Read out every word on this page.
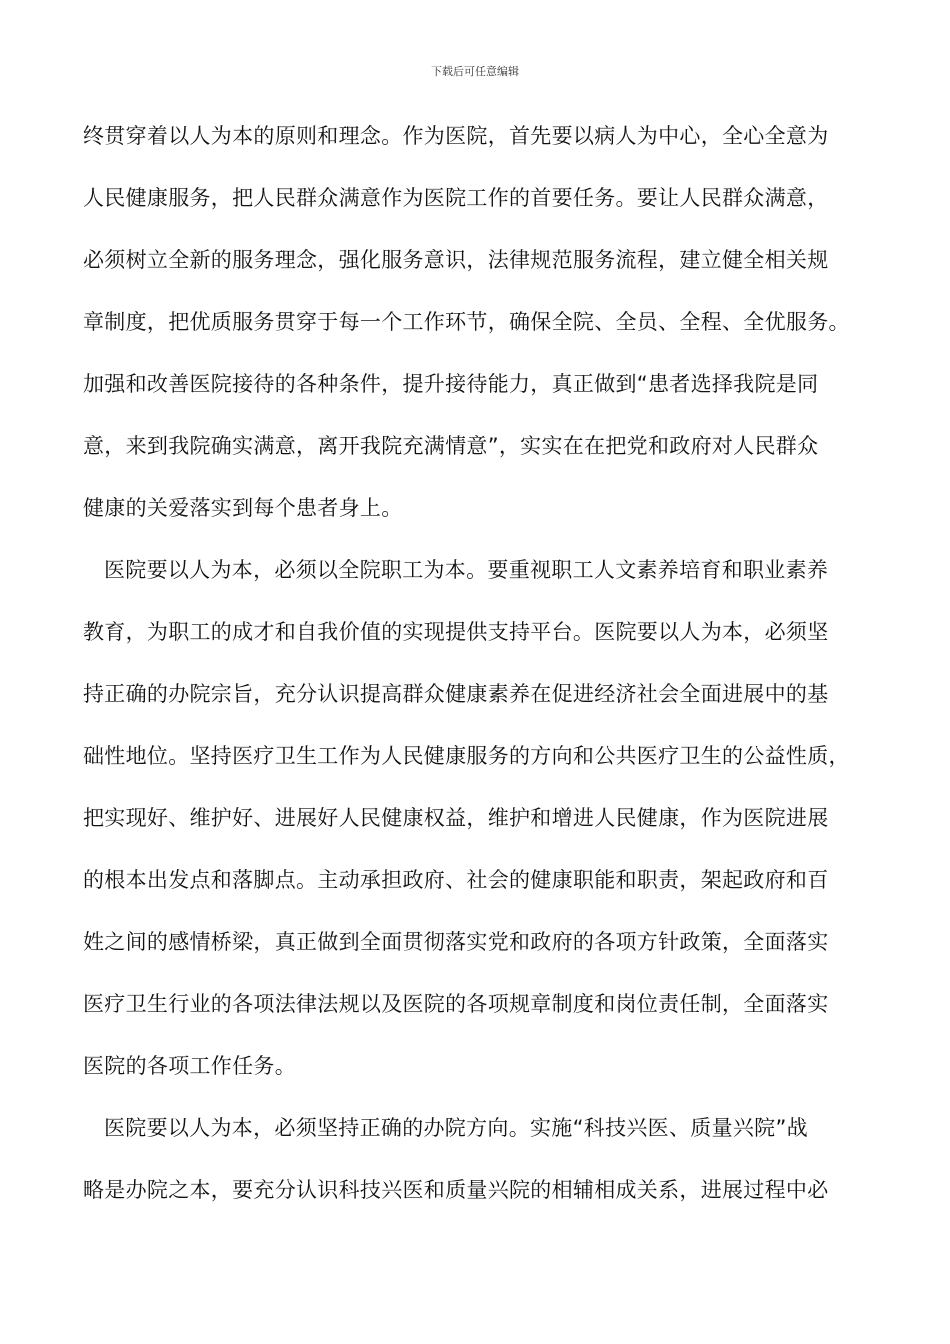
下载后可任意编辑
终贯穿着以人为本的原则和理念。作为医院，首先要以病人为中心，全心全意为
人民健康服务，把人民群众满意作为医院工作的首要任务。要让人民群众满意，
必须树立全新的服务理念，强化服务意识，法律规范服务流程，建立健全相关规
章制度，把优质服务贯穿于每一个工作环节，确保全院、全员、全程、全优服务。
加强和改善医院接待的各种条件，提升接待能力，真正做到“患者选择我院是同
意，来到我院确实满意，离开我院充满情意”，实实在在把党和政府对人民群众
健康的关爱落实到每个患者身上。
医院要以人为本，必须以全院职工为本。要重视职工人文素养培育和职业素养
教育，为职工的成才和自我价值的实现提供支持平台。医院要以人为本，必须坚
持正确的办院宗旨，充分认识提高群众健康素养在促进经济社会全面进展中的基
础性地位。坚持医疗卫生工作为人民健康服务的方向和公共医疗卫生的公益性质，
把实现好、维护好、进展好人民健康权益，维护和增进人民健康，作为医院进展
的根本出发点和落脚点。主动承担政府、社会的健康职能和职责，架起政府和百
姓之间的感情桥梁，真正做到全面贯彻落实党和政府的各项方针政策，全面落实
医疗卫生行业的各项法律法规以及医院的各项规章制度和岗位责任制，全面落实
医院的各项工作任务。
医院要以人为本，必须坚持正确的办院方向。实施“科技兴医、质量兴院”战
略是办院之本，要充分认识科技兴医和质量兴院的相辅相成关系，进展过程中必
